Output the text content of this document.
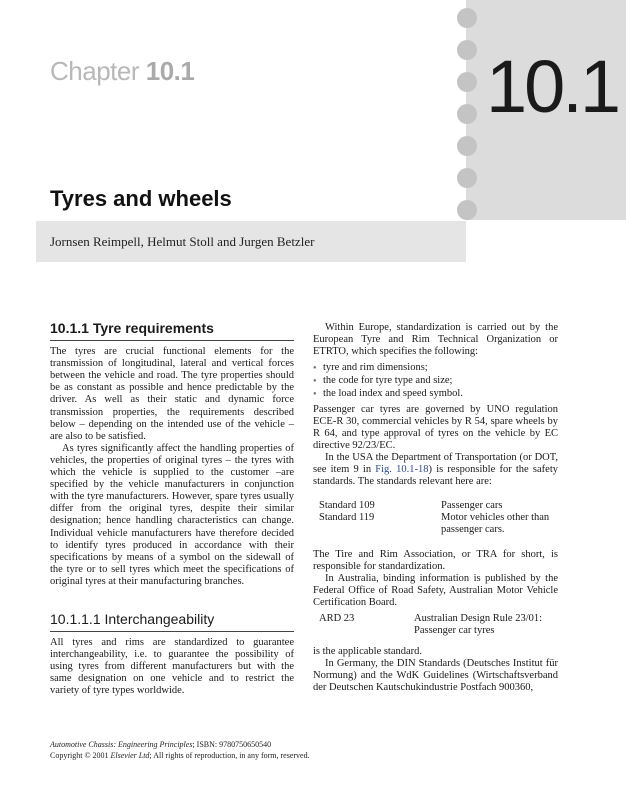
10.1
Chapter 10.1
Tyres and wheels
Jornsen Reimpell, Helmut Stoll and Jurgen Betzler
10.1.1 Tyre requirements

The tyres are crucial functional elements for the transmission of longitudinal, lateral and vertical forces between the vehicle and road. The tyre properties should be as constant as possible and hence predictable by the driver. As well as their static and dynamic force transmission properties, the requirements described below – depending on the intended use of the vehicle – are also to be satisfied.

As tyres significantly affect the handling properties of vehicles, the properties of original tyres – the tyres with which the vehicle is supplied to the customer –are specified by the vehicle manufacturers in conjunction with the tyre manufacturers. However, spare tyres usually differ from the original tyres, despite their similar designation; hence handling characteristics can change. Individual vehicle manufacturers have therefore decided to identify tyres produced in accordance with their specifications by means of a symbol on the sidewall of the tyre or to sell tyres which meet the specifications of original tyres at their manufacturing branches.

10.1.1.1 Interchangeability

All tyres and rims are standardized to guarantee interchangeability, i.e. to guarantee the possibility of using tyres from different manufacturers but with the same designation on one vehicle and to restrict the variety of tyre types worldwide.

Within Europe, standardization is carried out by the European Tyre and Rim Technical Organization or ETRTO, which specifies the following:

● tyre and rim dimensions;
● the code for tyre type and size;
● the load index and speed symbol.

Passenger car tyres are governed by UNO regulation ECE-R 30, commercial vehicles by R 54, spare wheels by R 64, and type approval of tyres on the vehicle by EC directive 92/23/EC.

In the USA the Department of Transportation (or DOT, see item 9 in Fig. 10.1-18) is responsible for the safety standards. The standards relevant here are:

Standard 109	Passenger cars
Standard 119	Motor vehicles other than passenger cars.

The Tire and Rim Association, or TRA for short, is responsible for standardization.

In Australia, binding information is published by the Federal Office of Road Safety, Australian Motor Vehicle Certification Board.

ARD 23	Australian Design Rule 23/01: Passenger car tyres

is the applicable standard.

In Germany, the DIN Standards (Deutsches Institut für Normung) and the WdK Guidelines (Wirtschaftsverband der Deutschen Kautschukindustrie Postfach 900360,

Automotive Chassis: Engineering Principles; ISBN: 9780750650540
Copyright © 2001 Elsevier Ltd; All rights of reproduction, in any form, reserved.
